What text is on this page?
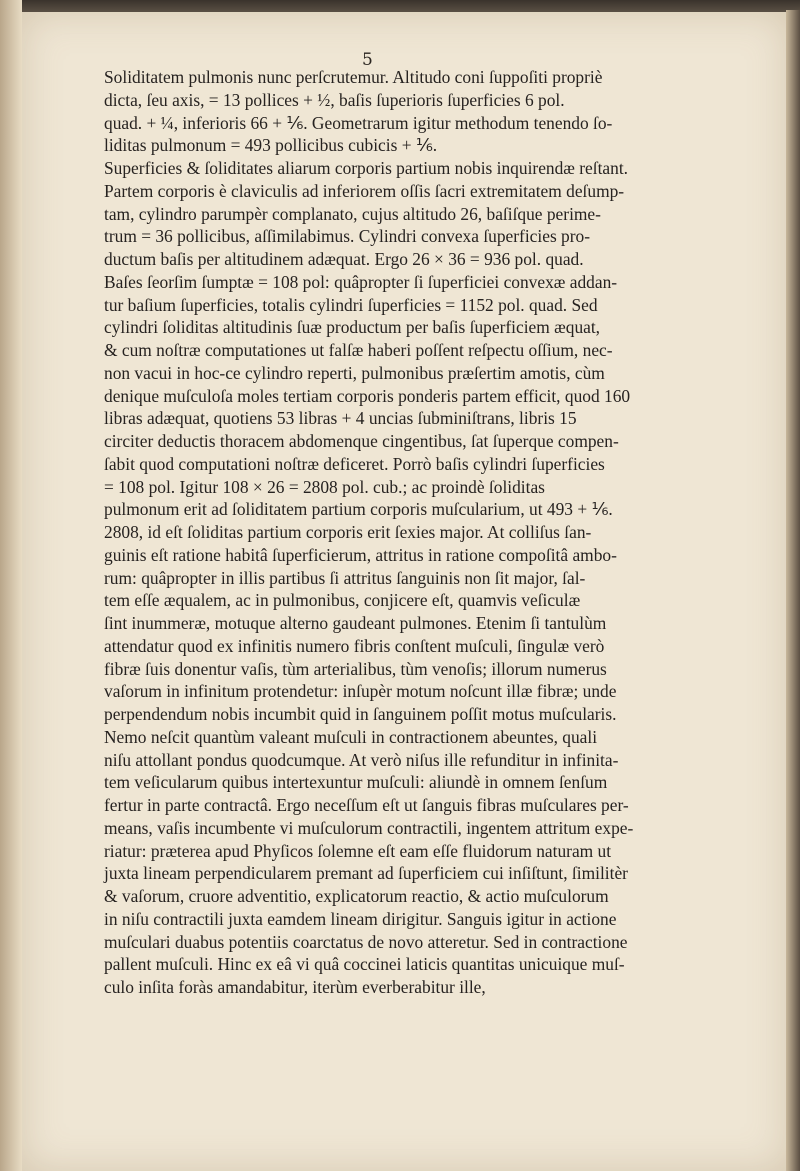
5

Soliditatem pulmonis nunc perſcrutemur. Altitudo coni ſuppoſiti propriè
dicta, ſeu axis, = 13 pollices + ½, baſis ſuperioris ſuperficies 6 pol.
quad. + ¼, inferioris 66 + ⅙. Geometrarum igitur methodum tenendo ſo-
liditas pulmonum = 493 pollicibus cubicis + ⅙.

Superficies & ſoliditates aliarum corporis partium nobis inquirendæ reſtant.
Partem corporis è claviculis ad inferiorem oſſis ſacri extremitatem deſump-
tam, cylindro parumpèr complanato, cujus altitudo 26, baſiſque perime-
trum = 36 pollicibus, aſſimilabimus. Cylindri convexa ſuperficies pro-
ductum baſis per altitudinem adæquat. Ergo 26 × 36 = 936 pol. quad.
Baſes ſeorſim ſumptæ = 108 pol: quâpropter ſi ſuperficiei convexæ addan-
tur baſium ſuperficies, totalis cylindri ſuperficies = 1152 pol. quad. Sed
cylindri ſoliditas altitudinis ſuæ productum per baſis ſuperficiem æquat,
& cum noſtræ computationes ut falſæ haberi poſſent reſpectu oſſium, nec-
non vacui in hoc-ce cylindro reperti, pulmonibus præſertim amotis, cùm
denique muſculoſa moles tertiam corporis ponderis partem efficit, quod 160
libras adæquat, quotiens 53 libras + 4 uncias ſubminiſtrans, libris 15
circiter deductis thoracem abdomenque cingentibus, ſat ſuperque compen-
ſabit quod computationi noſtræ deficeret. Porrò baſis cylindri ſuperficies
= 108 pol. Igitur 108 × 26 = 2808 pol. cub.; ac proindè ſoliditas
pulmonum erit ad ſoliditatem partium corporis muſcularium, ut 493 + ⅙.
2808, id eſt ſoliditas partium corporis erit ſexies major. At colliſus ſan-
guinis eſt ratione habitâ ſuperficierum, attritus in ratione compoſitâ ambo-
rum: quâpropter in illis partibus ſi attritus ſanguinis non ſit major, ſal-
tem eſſe æqualem, ac in pulmonibus, conjicere eſt, quamvis veſiculæ
ſint inummeræ, motuque alterno gaudeant pulmones. Etenim ſi tantulùm
attendatur quod ex infinitis numero fibris conſtent muſculi, ſingulæ verò
fibræ ſuis donentur vaſis, tùm arterialibus, tùm venoſis; illorum numerus
vaſorum in infinitum protendetur: inſupèr motum noſcunt illæ fibræ; unde
perpendendum nobis incumbit quid in ſanguinem poſſit motus muſcularis.
Nemo neſcit quantùm valeant muſculi in contractionem abeuntes, quali
niſu attollant pondus quodcumque. At verò niſus ille refunditur in infinita-
tem veſicularum quibus intertexuntur muſculi: aliundè in omnem ſenſum
fertur in parte contractâ. Ergo neceſſum eſt ut ſanguis fibras muſculares per-
means, vaſis incumbente vi muſculorum contractili, ingentem attritum expe-
riatur: præterea apud Phyſicos ſolemne eſt eam eſſe fluidorum naturam ut
juxta lineam perpendicularem premant ad ſuperficiem cui inſiſtunt, ſimilitèr
& vaſorum, cruore adventitio, explicatorum reactio, & actio muſculorum
in niſu contractili juxta eamdem lineam dirigitur. Sanguis igitur in actione
muſculari duabus potentiis coarctatus de novo atteretur. Sed in contractione
pallent muſculi. Hinc ex eâ vi quâ coccinei laticis quantitas unicuique muſ-
culo inſita foràs amandabitur, iterùm everberabitur ille,
